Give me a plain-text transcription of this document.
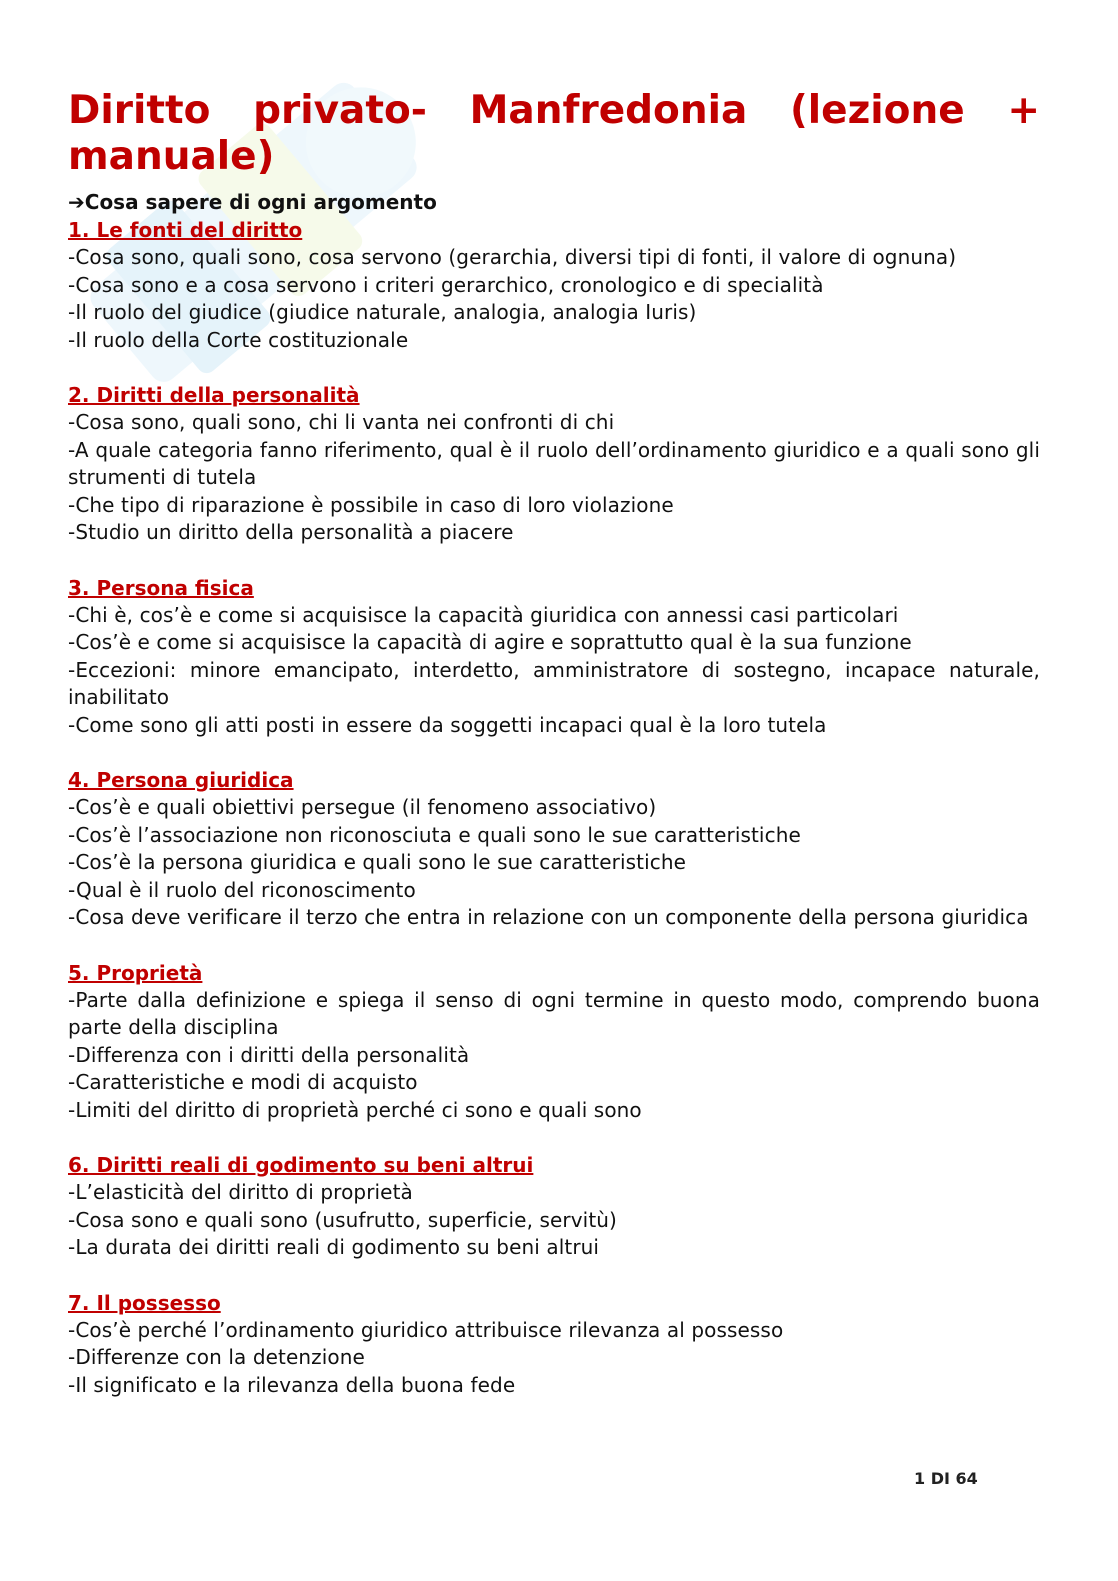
Diritto privato- Manfredonia (lezione + manuale)
➔Cosa sapere di ogni argomento
1. Le fonti del diritto
-Cosa sono, quali sono, cosa servono (gerarchia, diversi tipi di fonti, il valore di ognuna)
-Cosa sono e a cosa servono i criteri gerarchico, cronologico e di specialità
-Il ruolo del giudice (giudice naturale, analogia, analogia Iuris)
-Il ruolo della Corte costituzionale
2. Diritti della personalità
-Cosa sono, quali sono, chi li vanta nei confronti di chi
-A quale categoria fanno riferimento, qual è il ruolo dell’ordinamento giuridico e a quali sono gli strumenti di tutela
-Che tipo di riparazione è possibile in caso di loro violazione
-Studio un diritto della personalità a piacere
3. Persona fisica
-Chi è, cos’è e come si acquisisce la capacità giuridica con annessi casi particolari
-Cos’è e come si acquisisce la capacità di agire e soprattutto qual è la sua funzione
-Eccezioni: minore emancipato, interdetto, amministratore di sostegno, incapace naturale, inabilitato
-Come sono gli atti posti in essere da soggetti incapaci qual è la loro tutela
4. Persona giuridica
-Cos’è e quali obiettivi persegue (il fenomeno associativo)
-Cos’è l’associazione non riconosciuta e quali sono le sue caratteristiche
-Cos’è la persona giuridica e quali sono le sue caratteristiche
-Qual è il ruolo del riconoscimento
-Cosa deve verificare il terzo che entra in relazione con un componente della persona giuridica
5. Proprietà
-Parte dalla definizione e spiega il senso di ogni termine in questo modo, comprendo buona parte della disciplina
-Differenza con i diritti della personalità
-Caratteristiche e modi di acquisto
-Limiti del diritto di proprietà perché ci sono e quali sono
6. Diritti reali di godimento su beni altrui
-L’elasticità del diritto di proprietà
-Cosa sono e quali sono (usufrutto, superficie, servitù)
-La durata dei diritti reali di godimento su beni altrui
7. Il possesso
-Cos’è perché l’ordinamento giuridico attribuisce rilevanza al possesso
-Differenze con la detenzione
-Il significato e la rilevanza della buona fede
1 DI 64
